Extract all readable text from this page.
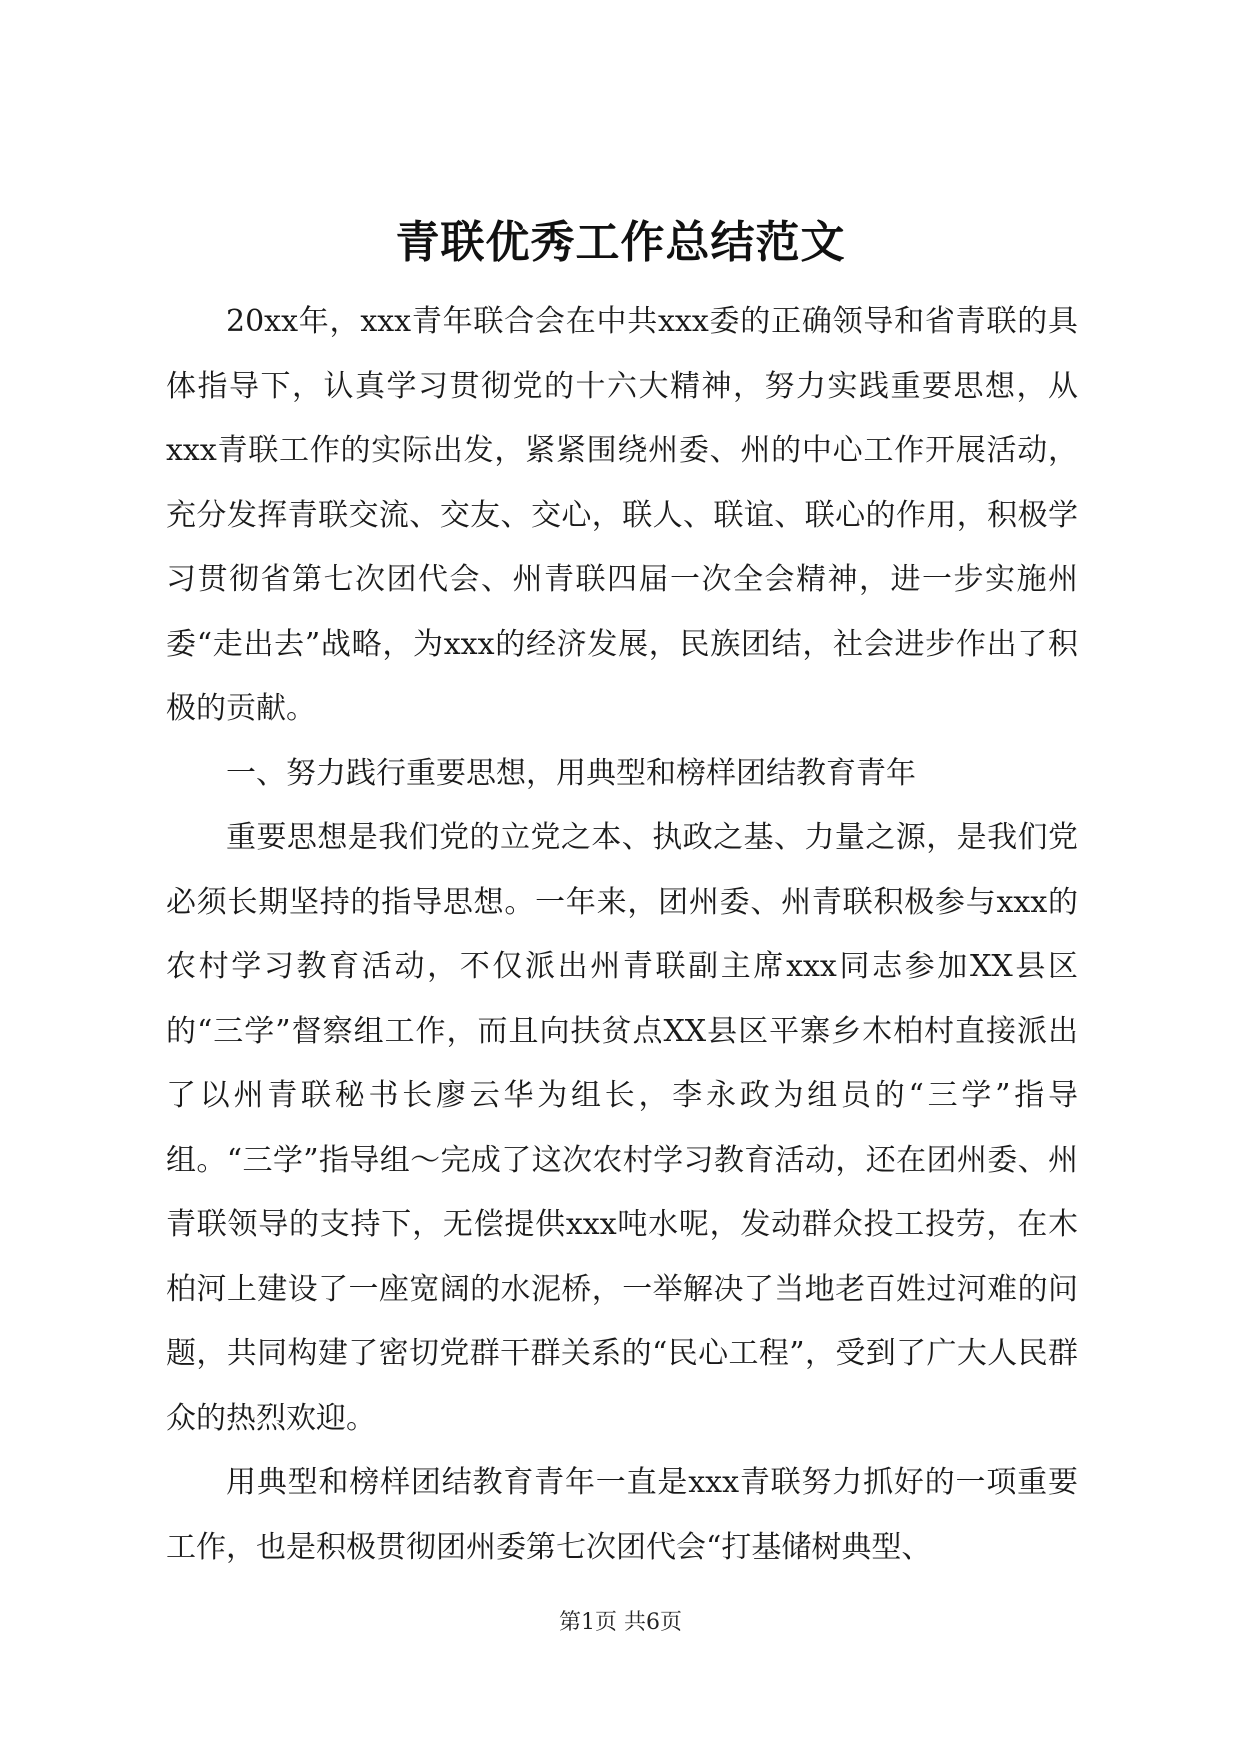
青联优秀工作总结范文

20xx年，xxx青年联合会在中共xxx委的正确领导和省青联的具体指导下，认真学习贯彻党的十六大精神，努力实践重要思想，从xxx青联工作的实际出发，紧紧围绕州委、州的中心工作开展活动，充分发挥青联交流、交友、交心，联人、联谊、联心的作用，积极学习贯彻省第七次团代会、州青联四届一次全会精神，进一步实施州委“走出去”战略，为xxx的经济发展，民族团结，社会进步作出了积极的贡献。

一、努力践行重要思想，用典型和榜样团结教育青年

重要思想是我们党的立党之本、执政之基、力量之源，是我们党必须长期坚持的指导思想。一年来，团州委、州青联积极参与xxx的农村学习教育活动，不仅派出州青联副主席xxx同志参加XX县区的“三学”督察组工作，而且向扶贫点XX县区平寨乡木柏村直接派出了以州青联秘书长廖云华为组长，李永政为组员的“三学”指导组。“三学”指导组～完成了这次农村学习教育活动，还在团州委、州青联领导的支持下，无偿提供xxx吨水呢，发动群众投工投劳，在木柏河上建设了一座宽阔的水泥桥，一举解决了当地老百姓过河难的问题，共同构建了密切党群干群关系的“民心工程”，受到了广大人民群众的热烈欢迎。

用典型和榜样团结教育青年一直是xxx青联努力抓好的一项重要工作，也是积极贯彻团州委第七次团代会“打基储树典型、

第1页 共6页
